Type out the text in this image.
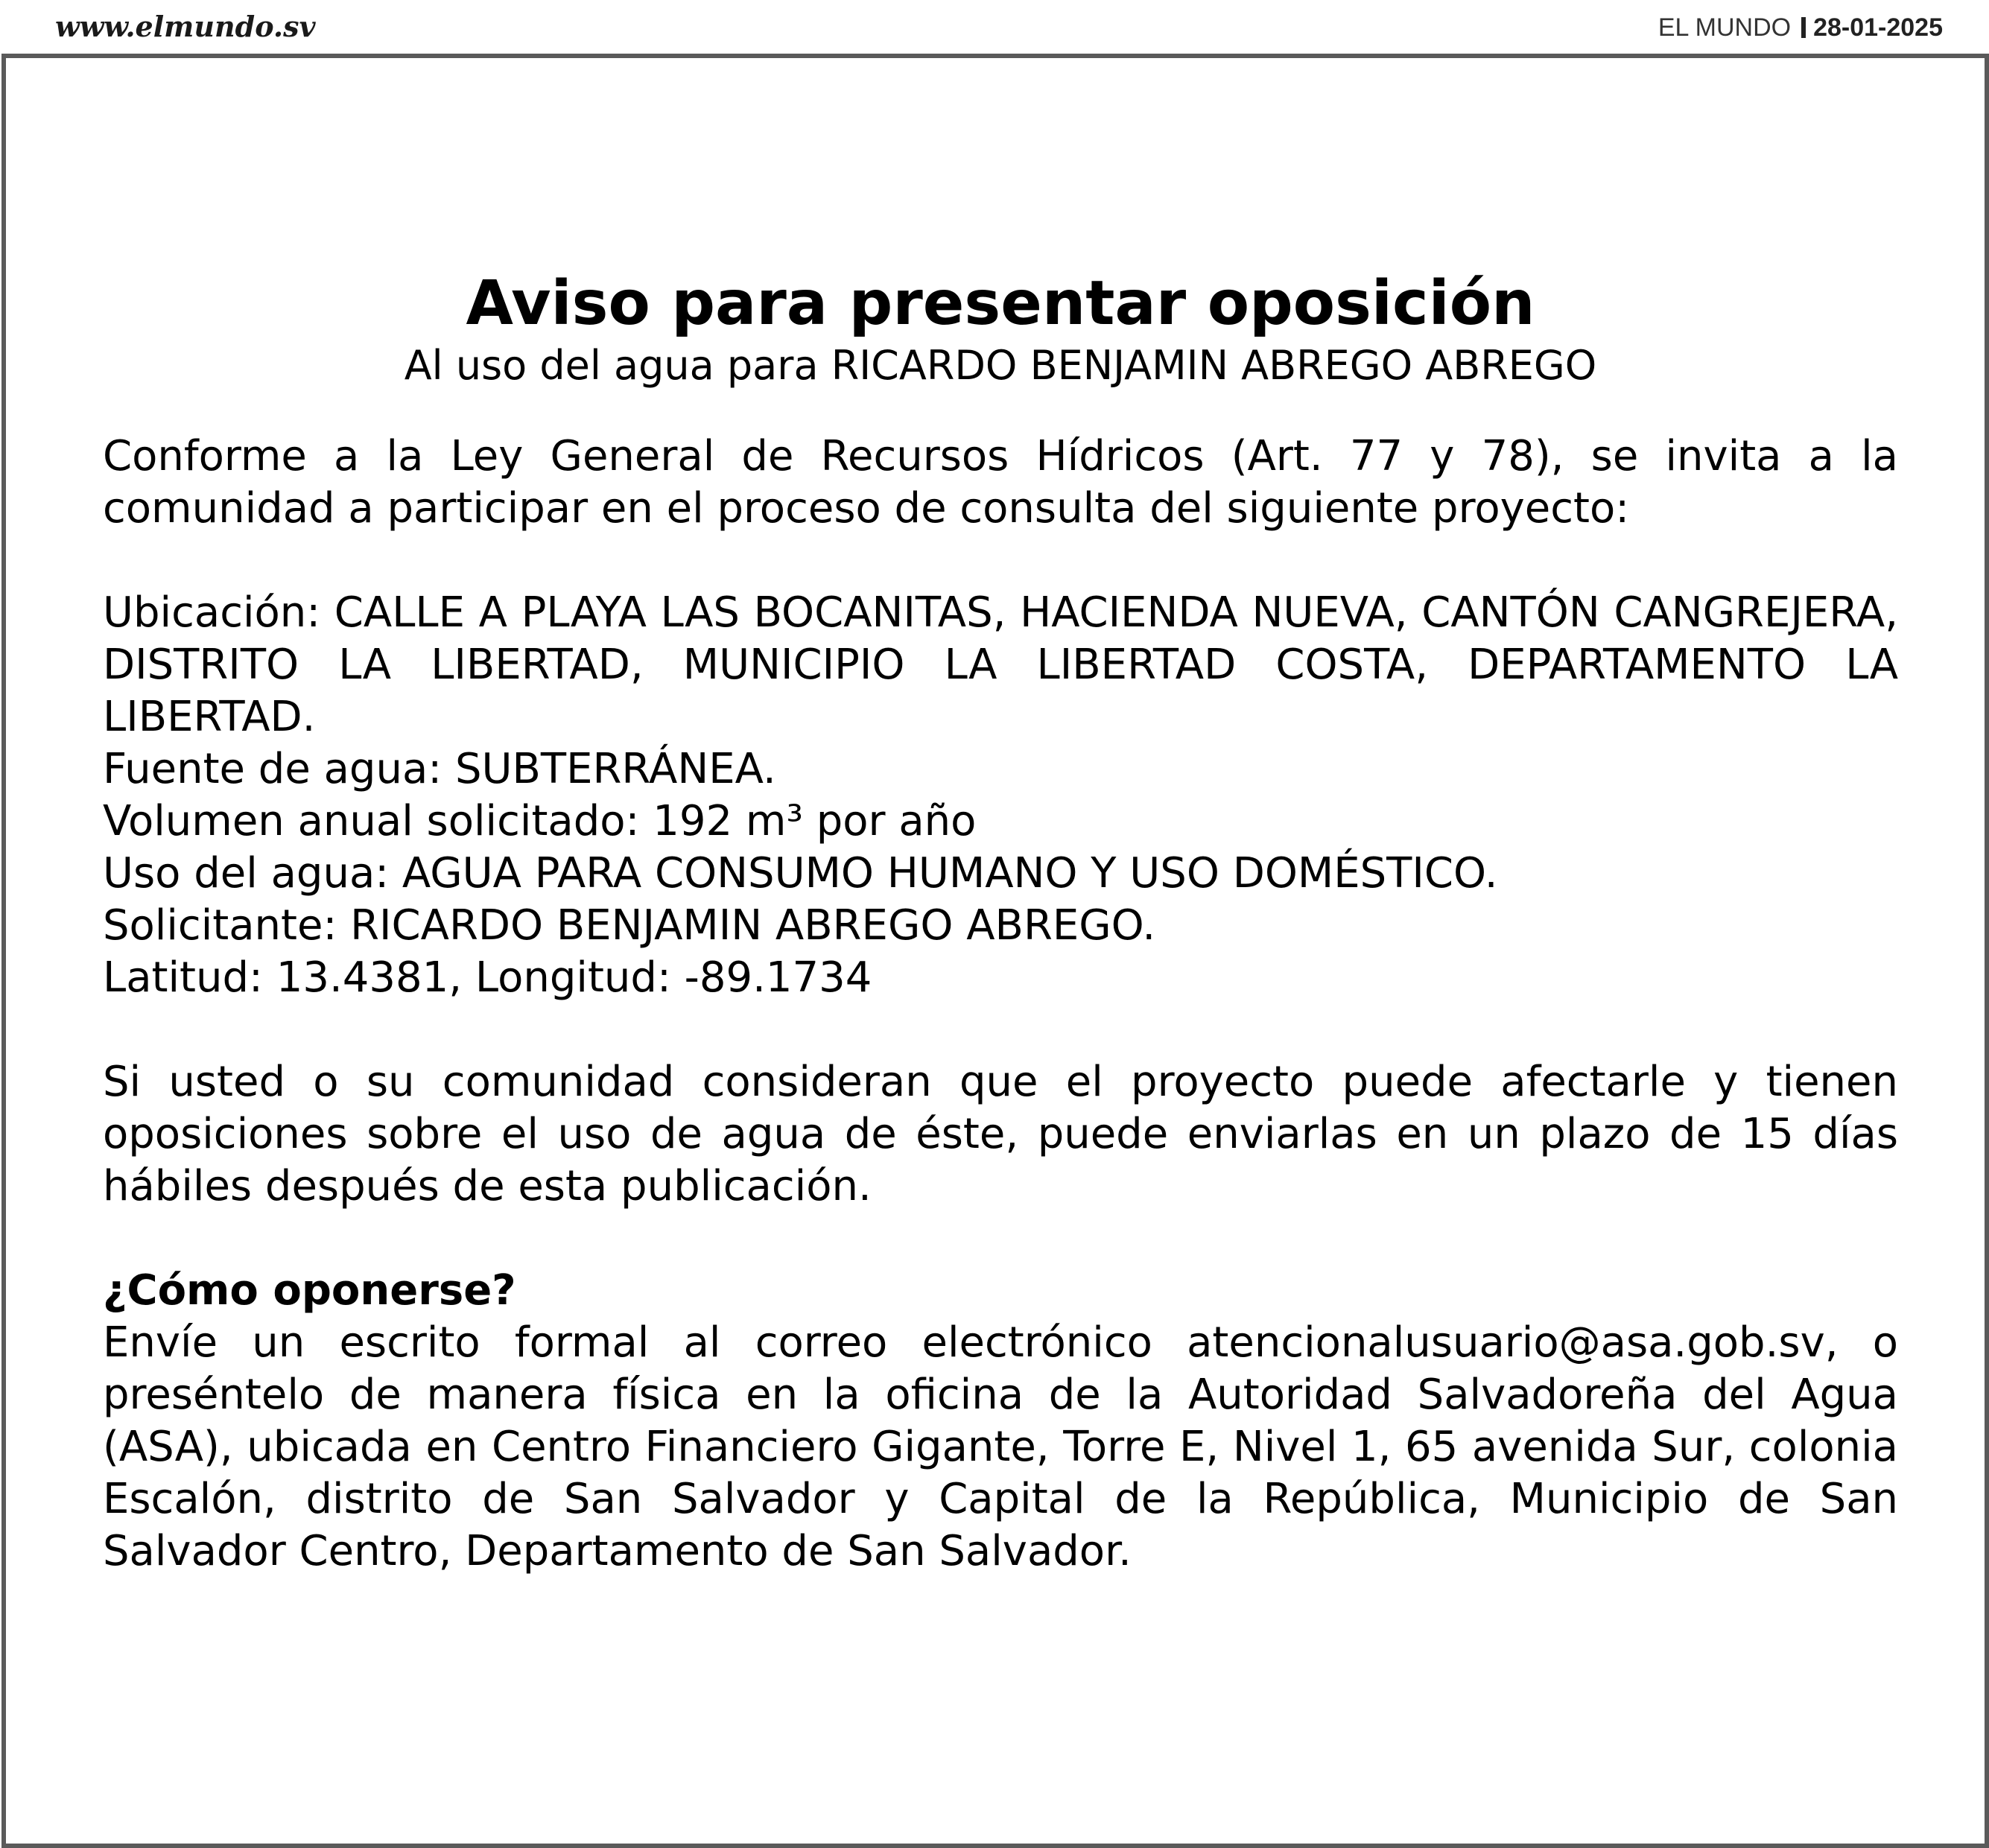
www.elmundo.sv	EL MUNDO 28-01-2025
Aviso para presentar oposición

Al uso del agua para RICARDO BENJAMIN ABREGO ABREGO

Conforme a la Ley General de Recursos Hídricos (Art. 77 y 78), se invita a la comunidad a participar en el proceso de consulta del siguiente proyecto:

Ubicación: CALLE A PLAYA LAS BOCANITAS, HACIENDA NUEVA, CANTÓN CANGREJERA, DISTRITO LA LIBERTAD, MUNICIPIO LA LIBERTAD COSTA, DEPARTAMENTO LA LIBERTAD.

Fuente de agua: SUBTERRÁNEA.

Volumen anual solicitado: 192 m³ por año

Uso del agua: AGUA PARA CONSUMO HUMANO Y USO DOMÉSTICO.

Solicitante: RICARDO BENJAMIN ABREGO ABREGO.

Latitud: 13.4381, Longitud: -89.1734

Si usted o su comunidad consideran que el proyecto puede afectarle y tienen oposiciones sobre el uso de agua de éste, puede enviarlas en un plazo de 15 días hábiles después de esta publicación.

¿Cómo oponerse?

Envíe un escrito formal al correo electrónico atencionalusuario@asa.gob.sv, o preséntelo de manera física en la oficina de la Autoridad Salvadoreña del Agua (ASA), ubicada en Centro Financiero Gigante, Torre E, Nivel 1, 65 avenida Sur, colonia Escalón, distrito de San Salvador y Capital de la República, Municipio de San Salvador Centro, Departamento de San Salvador.
